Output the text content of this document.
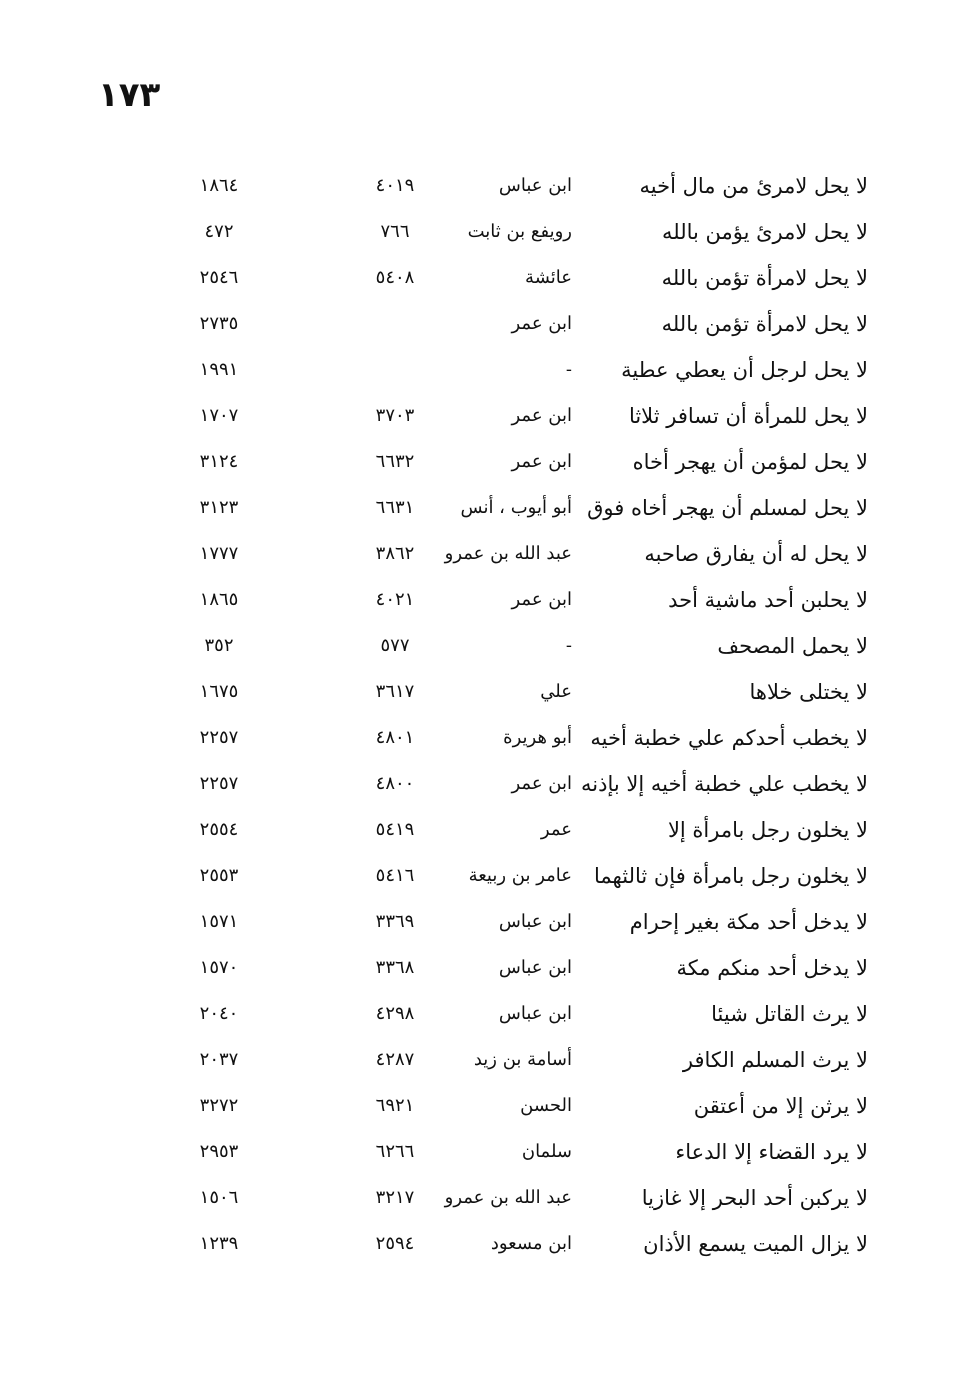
١٧٣
لا يحل لامرئ من مال أخيه
ابن عباس
٤٠١٩
١٨٦٤
لا يحل لامرئ يؤمن بالله
رويفع بن ثابت
٧٦٦
٤٧٢
لا يحل لامرأة تؤمن بالله
عائشة
٥٤٠٨
٢٥٤٦
لا يحل لامرأة تؤمن بالله
ابن عمر
٢٧٣٥
لا يحل لرجل أن يعطي عطية
-
١٩٩١
لا يحل للمرأة أن تسافر ثلاثا
ابن عمر
٣٧٠٣
١٧٠٧
لا يحل لمؤمن أن يهجر أخاه
ابن عمر
٦٦٣٢
٣١٢٤
لا يحل لمسلم أن يهجر أخاه فوق
أبو أيوب ، أنس
٦٦٣١
٣١٢٣
لا يحل له أن يفارق صاحبه
عبد الله بن عمرو
٣٨٦٢
١٧٧٧
لا يحلبن أحد ماشية أحد
ابن عمر
٤٠٢١
١٨٦٥
لا يحمل المصحف
-
٥٧٧
٣٥٢
لا يختلى خلاها
علي
٣٦١٧
١٦٧٥
لا يخطب أحدكم علي خطبة أخيه
أبو هريرة
٤٨٠١
٢٢٥٧
لا يخطب علي خطبة أخيه إلا بإذنه
ابن عمر
٤٨٠٠
٢٢٥٧
لا يخلون رجل بامرأة إلا
عمر
٥٤١٩
٢٥٥٤
لا يخلون رجل بامرأة فإن ثالثهما
عامر بن ربيعة
٥٤١٦
٢٥٥٣
لا يدخل أحد مكة بغير إحرام
ابن عباس
٣٣٦٩
١٥٧١
لا يدخل أحد منكم مكة
ابن عباس
٣٣٦٨
١٥٧٠
لا يرث القاتل شيئا
ابن عباس
٤٢٩٨
٢٠٤٠
لا يرث المسلم الكافر
أسامة بن زيد
٤٢٨٧
٢٠٣٧
لا يرثن إلا من أعتقن
الحسن
٦٩٢١
٣٢٧٢
لا يرد القضاء إلا الدعاء
سلمان
٦٢٦٦
٢٩٥٣
لا يركبن أحد البحر إلا غازيا
عبد الله بن عمرو
٣٢١٧
١٥٠٦
لا يزال الميت يسمع الأذان
ابن مسعود
٢٥٩٤
١٢٣٩
